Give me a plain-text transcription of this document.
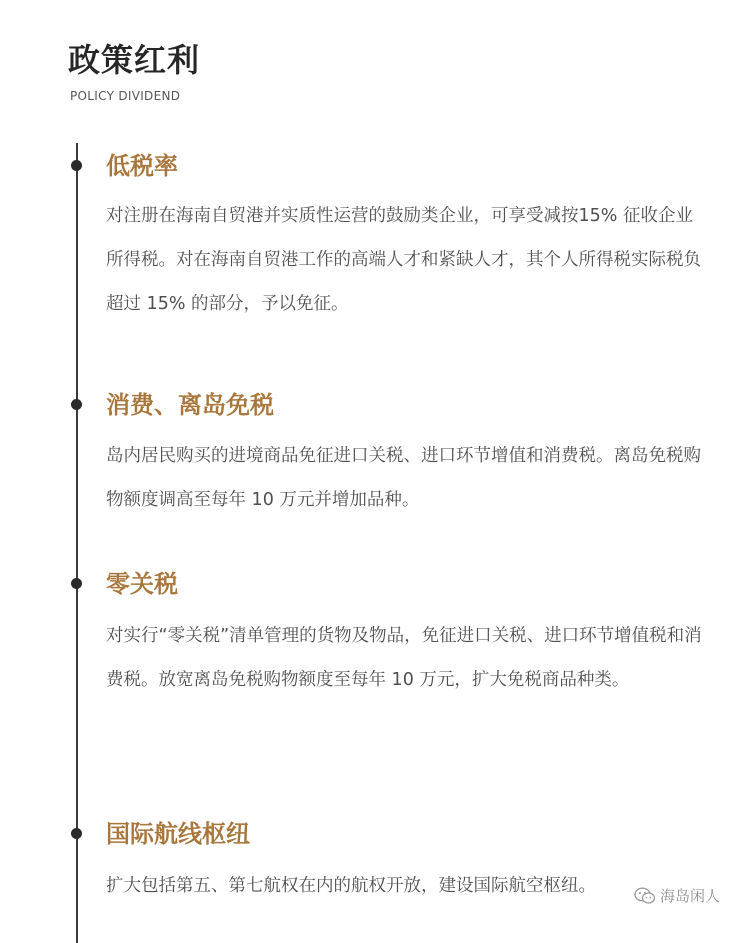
政策红利
POLICY DIVIDEND
低税率

对注册在海南自贸港并实质性运营的鼓励类企业，可享受减按15% 征收企业所得税。对在海南自贸港工作的高端人才和紧缺人才，其个人所得税实际税负超过 15% 的部分，予以免征。

消费、离岛免税

岛内居民购买的进境商品免征进口关税、进口环节增值和消费税。离岛免税购物额度调高至每年 10 万元并增加品种。

零关税

对实行“零关税”清单管理的货物及物品，免征进口关税、进口环节增值税和消费税。放宽离岛免税购物额度至每年 10 万元，扩大免税商品种类。

国际航线枢纽

扩大包括第五、第七航权在内的航权开放，建设国际航空枢纽。	海岛闲人
